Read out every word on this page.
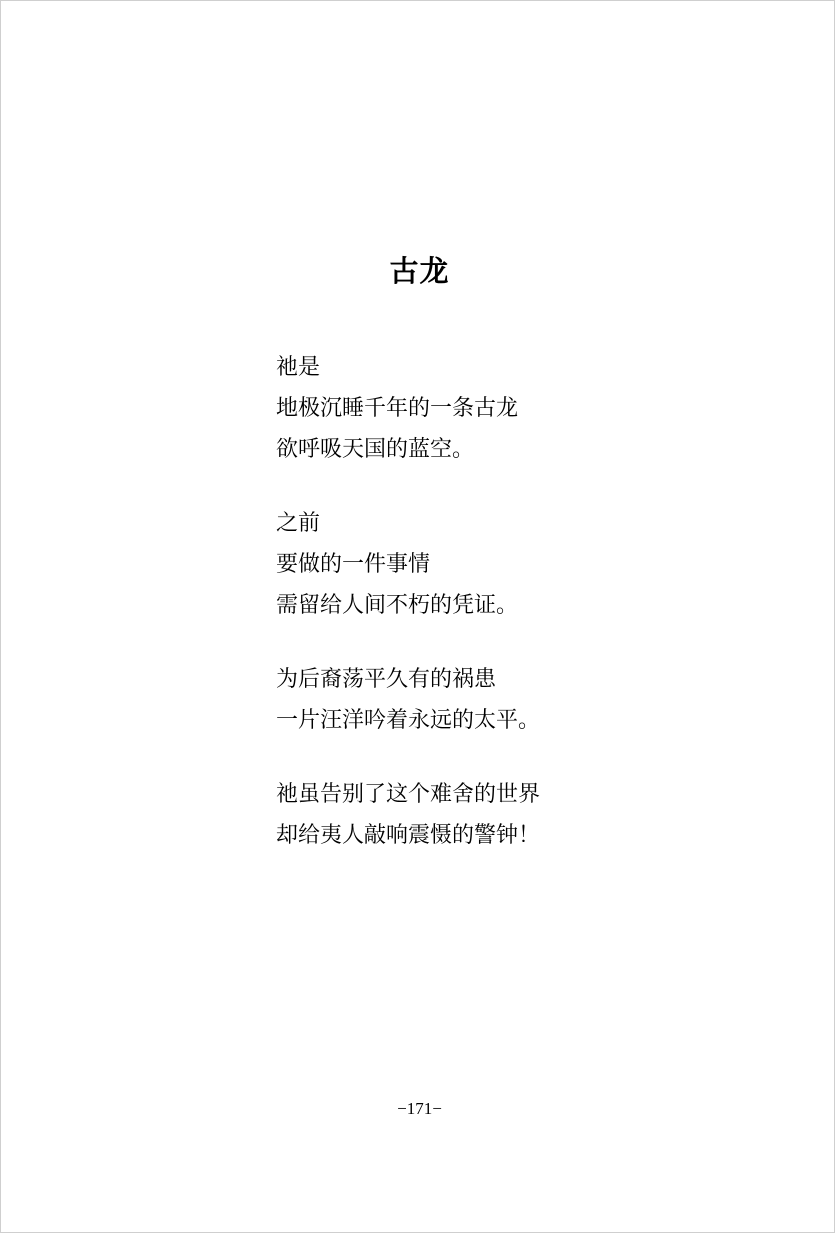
古龙
祂是
地极沉睡千年的一条古龙
欲呼吸天国的蓝空。
之前
要做的一件事情
需留给人间不朽的凭证。
为后裔荡平久有的祸患
一片汪洋吟着永远的太平。
祂虽告别了这个难舍的世界
却给夷人敲响震慑的警钟！
−171−
